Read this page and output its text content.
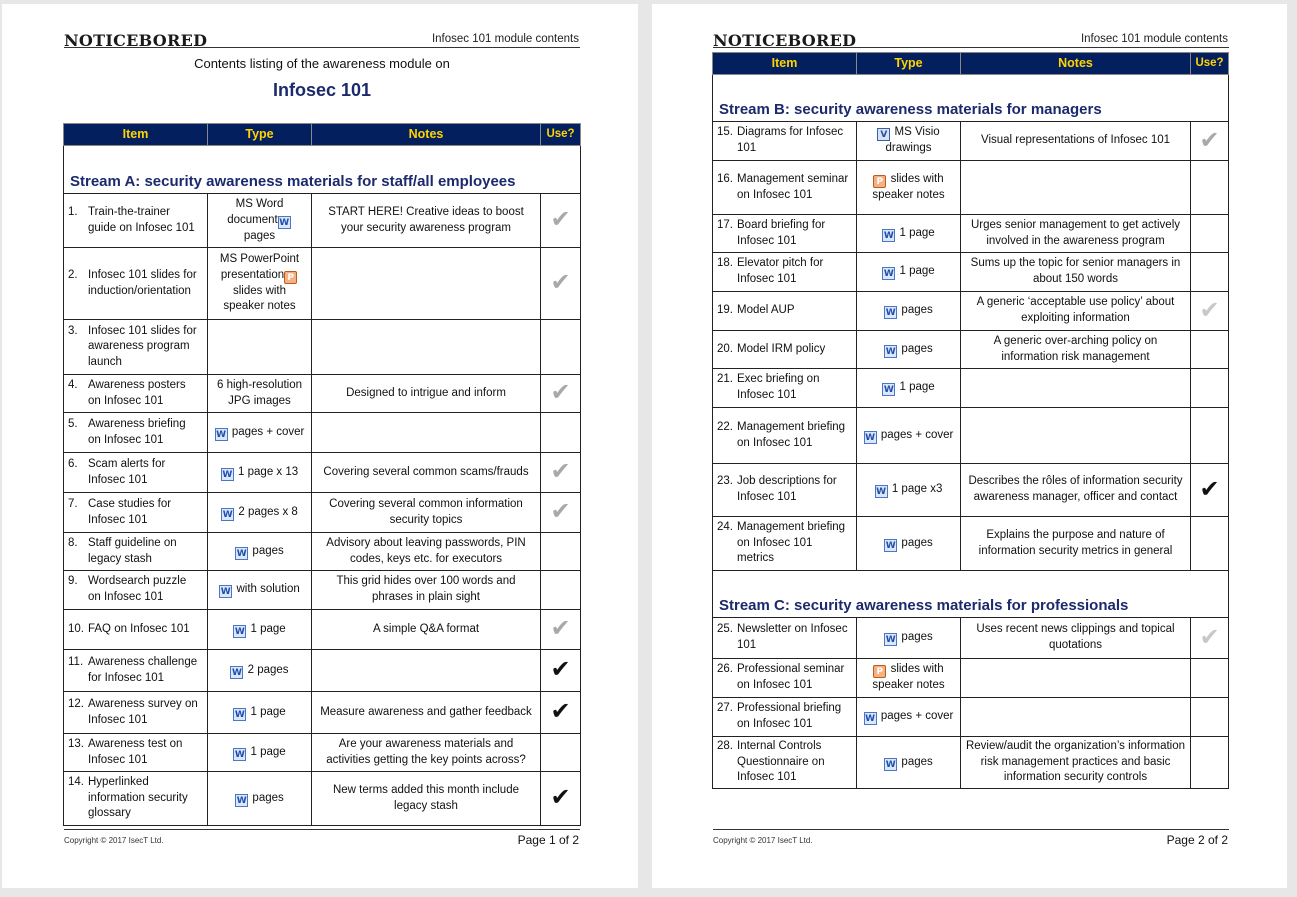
NOTICEBORED	Infosec 101 module contents
Contents listing of the awareness module on
Infosec 101
Item	Type	Notes	Use?
Stream A: security awareness materials for staff/all employees			
1. Train-the-trainer guide on Infosec 101	MS Word document W pages	START HERE! Creative ideas to boost your security awareness program	✔
2. Infosec 101 slides for induction/orientation	MS PowerPoint presentation P slides with speaker notes		✔
3. Infosec 101 slides for awareness program launch			
4. Awareness posters on Infosec 101	6 high-resolution JPG images	Designed to intrigue and inform	✔
5. Awareness briefing on Infosec 101	W pages + cover		
6. Scam alerts for Infosec 101	W 1 page x 13	Covering several common scams/frauds	✔
7. Case studies for Infosec 101	W 2 pages x 8	Covering several common information security topics	✔
8. Staff guideline on legacy stash	W pages	Advisory about leaving passwords, PIN codes, keys etc. for executors	
9. Wordsearch puzzle on Infosec 101	W with solution	This grid hides over 100 words and phrases in plain sight	
10. FAQ on Infosec 101	W 1 page	A simple Q&A format	✔
11. Awareness challenge for Infosec 101	W 2 pages		✔
12. Awareness survey on Infosec 101	W 1 page	Measure awareness and gather feedback	✔
13. Awareness test on Infosec 101	W 1 page	Are your awareness materials and activities getting the key points across?	
14. Hyperlinked information security glossary	W pages	New terms added this month include legacy stash	✔
Copyright © 2017 IsecT Ltd.	Page 1 of 2
NOTICEBORED	Infosec 101 module contents
Item	Type	Notes	Use?
Stream B: security awareness materials for managers			
15. Diagrams for Infosec 101	V MS Visio drawings	Visual representations of Infosec 101	✔
16. Management seminar on Infosec 101	P slides with speaker notes		
17. Board briefing for Infosec 101	W 1 page	Urges senior management to get actively involved in the awareness program	
18. Elevator pitch for Infosec 101	W 1 page	Sums up the topic for senior managers in about 150 words	
19. Model AUP	W pages	A generic ‘acceptable use policy’ about exploiting information	✔
20. Model IRM policy	W pages	A generic over-arching policy on information risk management	
21. Exec briefing on Infosec 101	W 1 page		
22. Management briefing on Infosec 101	W pages + cover		
23. Job descriptions for Infosec 101	W 1 page x3	Describes the rôles of information security awareness manager, officer and contact	✔
24. Management briefing on Infosec 101 metrics	W pages	Explains the purpose and nature of information security metrics in general	
Stream C: security awareness materials for professionals			
25. Newsletter on Infosec 101	W pages	Uses recent news clippings and topical quotations	✔
26. Professional seminar on Infosec 101	P slides with speaker notes		
27. Professional briefing on Infosec 101	W pages + cover		
28. Internal Controls Questionnaire on Infosec 101	W pages	Review/audit the organization’s information risk management practices and basic information security controls	
Copyright © 2017 IsecT Ltd.	Page 2 of 2
